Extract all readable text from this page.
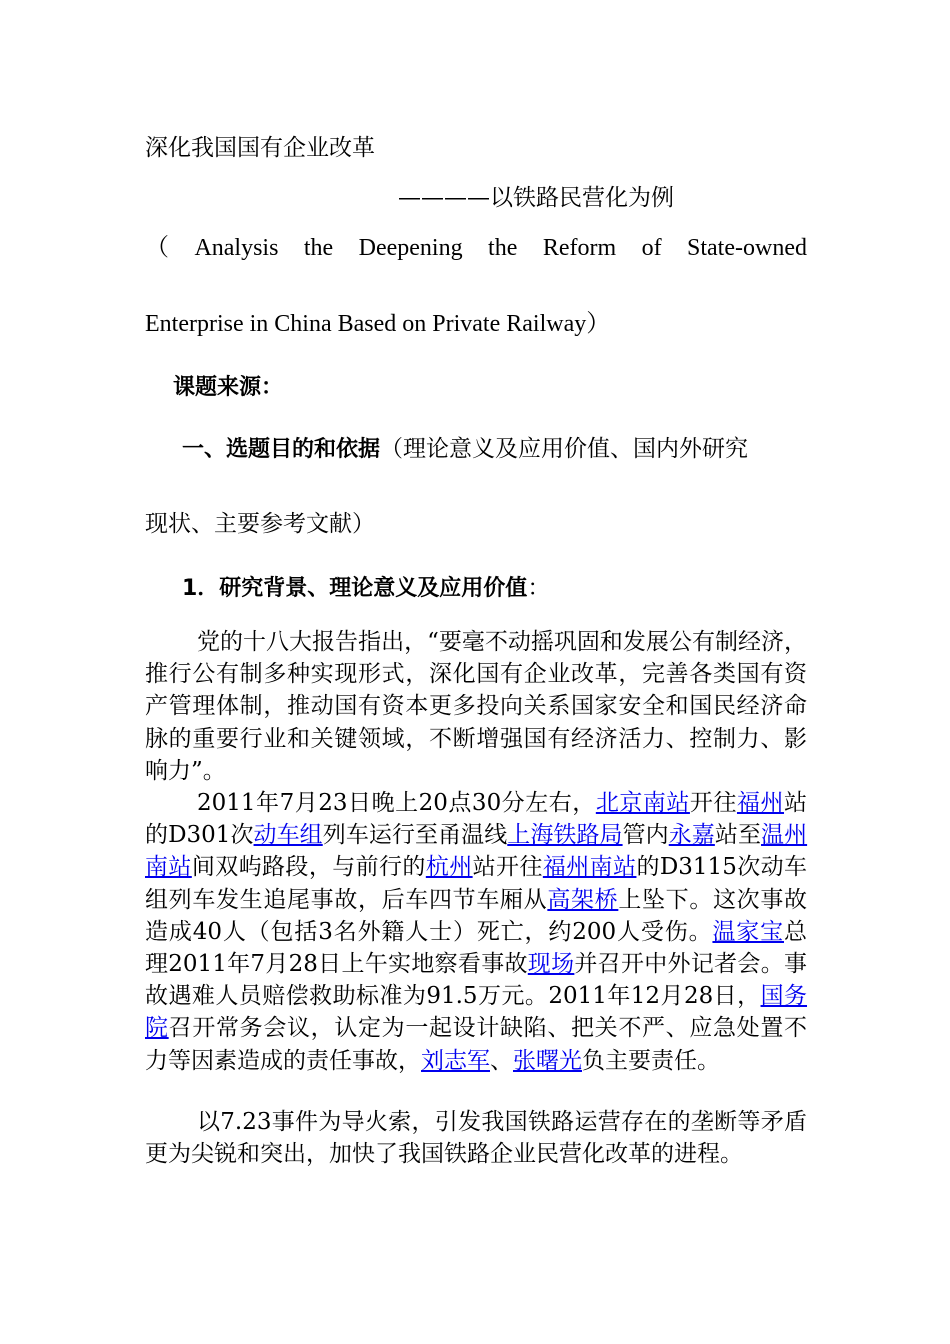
深化我国国有企业改革
————以铁路民营化为例
（ Analysis the Deepening the Reform of State-owned
Enterprise in China Based on Private Railway）
课题来源：
一、选题目的和依据（理论意义及应用价值、国内外研究
现状、主要参考文献）
1．研究背景、理论意义及应用价值：
党的十八大报告指出，“要毫不动摇巩固和发展公有制经济，推行公有制多种实现形式，深化国有企业改革，完善各类国有资产管理体制，推动国有资本更多投向关系国家安全和国民经济命脉的重要行业和关键领域，不断增强国有经济活力、控制力、影响力”。
2011年7月23日晚上20点30分左右，北京南站开往福州站的D301次动车组列车运行至甬温线上海铁路局管内永嘉站至温州南站间双屿路段，与前行的杭州站开往福州南站的D3115次动车组列车发生追尾事故，后车四节车厢从高架桥上坠下。这次事故造成40人（包括3名外籍人士）死亡，约200人受伤。温家宝总理2011年7月28日上午实地察看事故现场并召开中外记者会。事故遇难人员赔偿救助标准为91.5万元。2011年12月28日，国务院召开常务会议，认定为一起设计缺陷、把关不严、应急处置不力等因素造成的责任事故，刘志军、张曙光负主要责任。
以7.23事件为导火索，引发我国铁路运营存在的垄断等矛盾更为尖锐和突出，加快了我国铁路企业民营化改革的进程。
